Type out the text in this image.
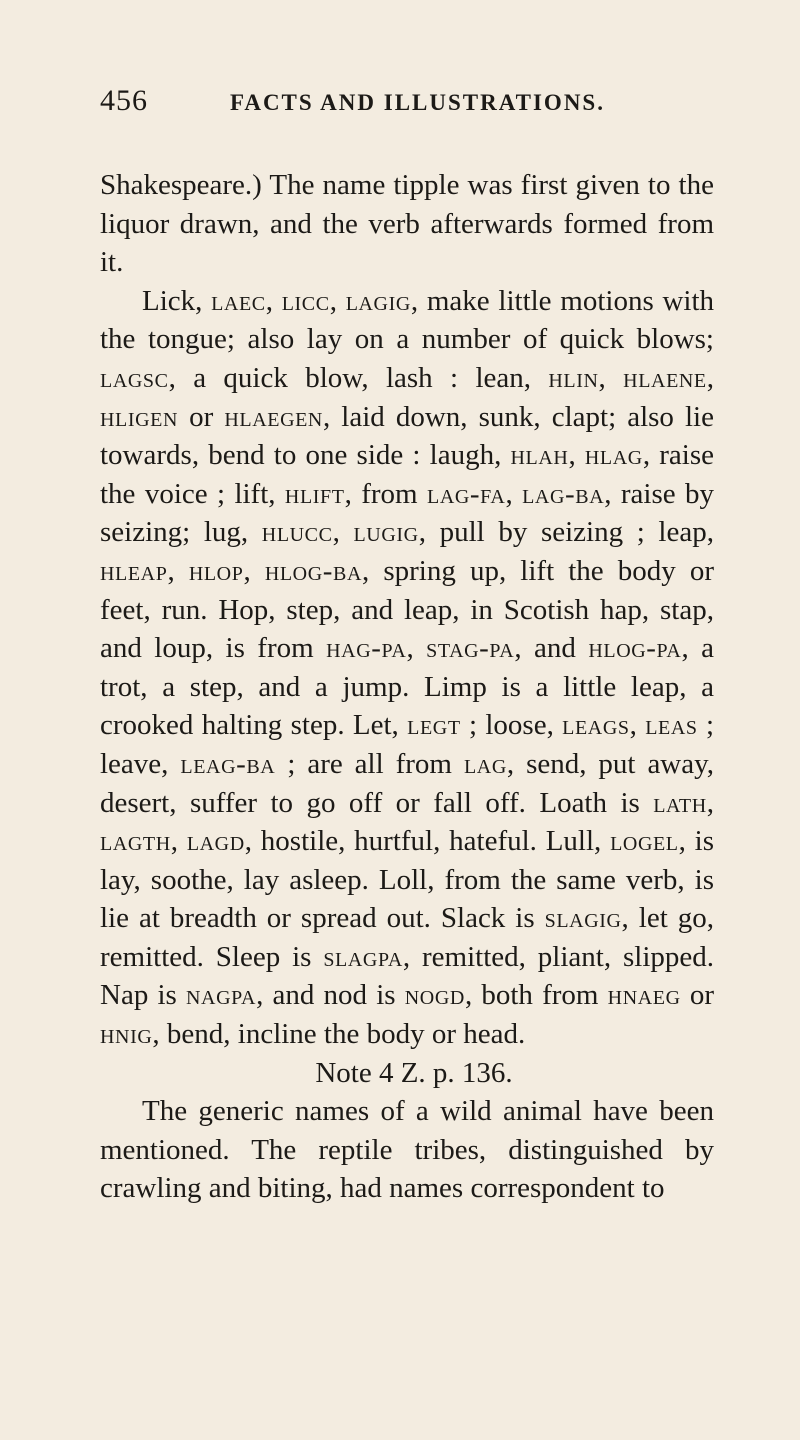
456	FACTS AND ILLUSTRATIONS.

Shakespeare.) The name tipple was first given to the liquor drawn, and the verb afterwards formed from it.

Lick, laec, licc, lagig, make little motions with the tongue; also lay on a number of quick blows; lagsc, a quick blow, lash : lean, hlin, hlaene, hligen or hlaegen, laid down, sunk, clapt; also lie towards, bend to one side : laugh, hlah, hlag, raise the voice ; lift, hlift, from lag-fa, lag-ba, raise by seizing; lug, hlucc, lugig, pull by seizing ; leap, hleap, hlop, hlog-ba, spring up, lift the body or feet, run. Hop, step, and leap, in Scotish hap, stap, and loup, is from hag-pa, stag-pa, and hlog-pa, a trot, a step, and a jump. Limp is a little leap, a crooked halting step. Let, legt ; loose, leags, leas ; leave, leag-ba ; are all from lag, send, put away, desert, suffer to go off or fall off. Loath is lath, lagth, lagd, hostile, hurtful, hateful. Lull, logel, is lay, soothe, lay asleep. Loll, from the same verb, is lie at breadth or spread out. Slack is slagig, let go, remitted. Sleep is slagpa, remitted, pliant, slipped. Nap is nagpa, and nod is nogd, both from hnaeg or hnig, bend, incline the body or head.

Note 4 Z. p. 136.

The generic names of a wild animal have been mentioned. The reptile tribes, distinguished by crawling and biting, had names correspondent to
